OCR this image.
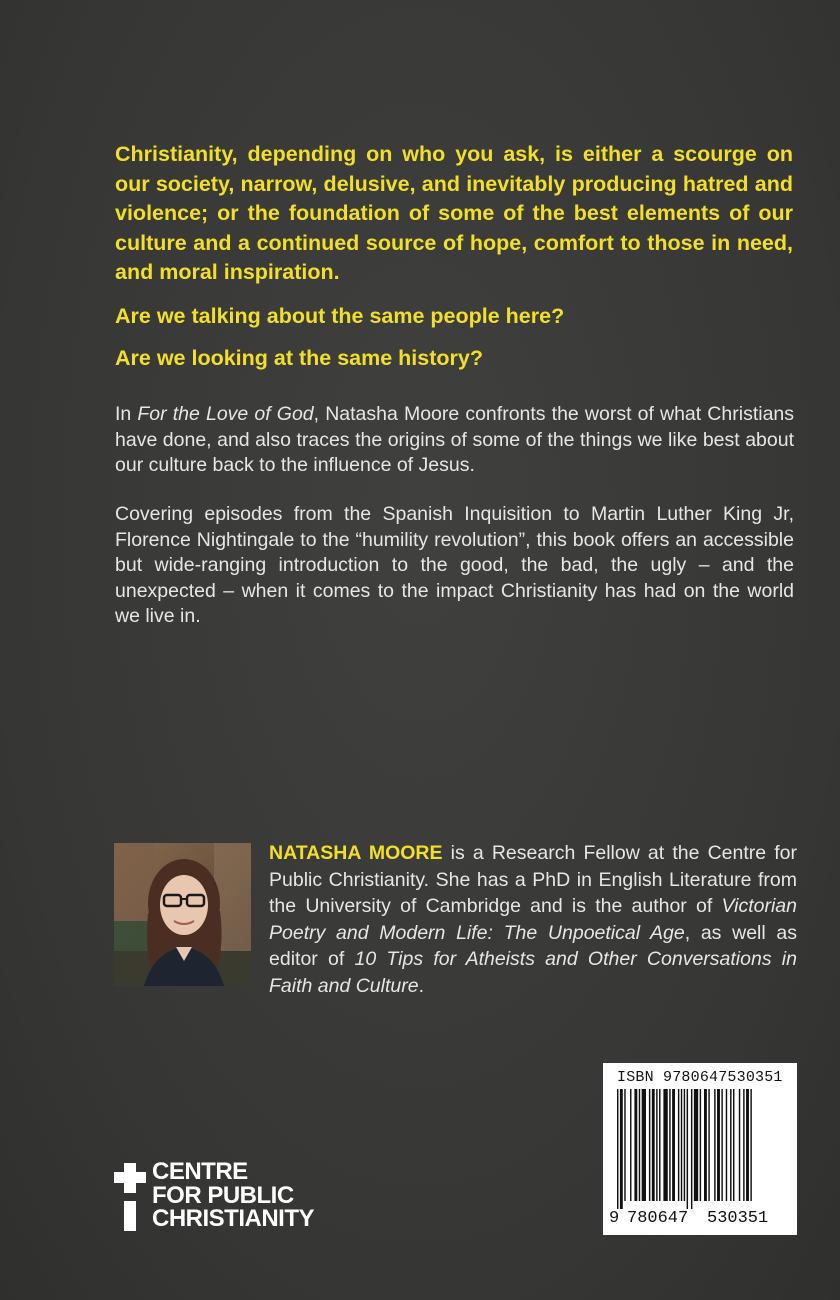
Christianity, depending on who you ask, is either a scourge on our society, narrow, delusive, and inevitably producing hatred and violence; or the foundation of some of the best elements of our culture and a continued source of hope, comfort to those in need, and moral inspiration.

Are we talking about the same people here?

Are we looking at the same history?

In For the Love of God, Natasha Moore confronts the worst of what Christians have done, and also traces the origins of some of the things we like best about our culture back to the influence of Jesus.

Covering episodes from the Spanish Inquisition to Martin Luther King Jr, Florence Nightingale to the “humility revolution”, this book offers an accessible but wide-ranging introduction to the good, the bad, the ugly – and the unexpected – when it comes to the impact Christianity has had on the world we live in.

NATASHA MOORE is a Research Fellow at the Centre for Public Christianity. She has a PhD in English Literature from the University of Cambridge and is the author of Victorian Poetry and Modern Life: The Unpoetical Age, as well as editor of 10 Tips for Atheists and Other Conversations in Faith and Culture.

CENTRE
FOR PUBLIC
CHRISTIANITY
ISBN 9780647530351
9 780647 530351
